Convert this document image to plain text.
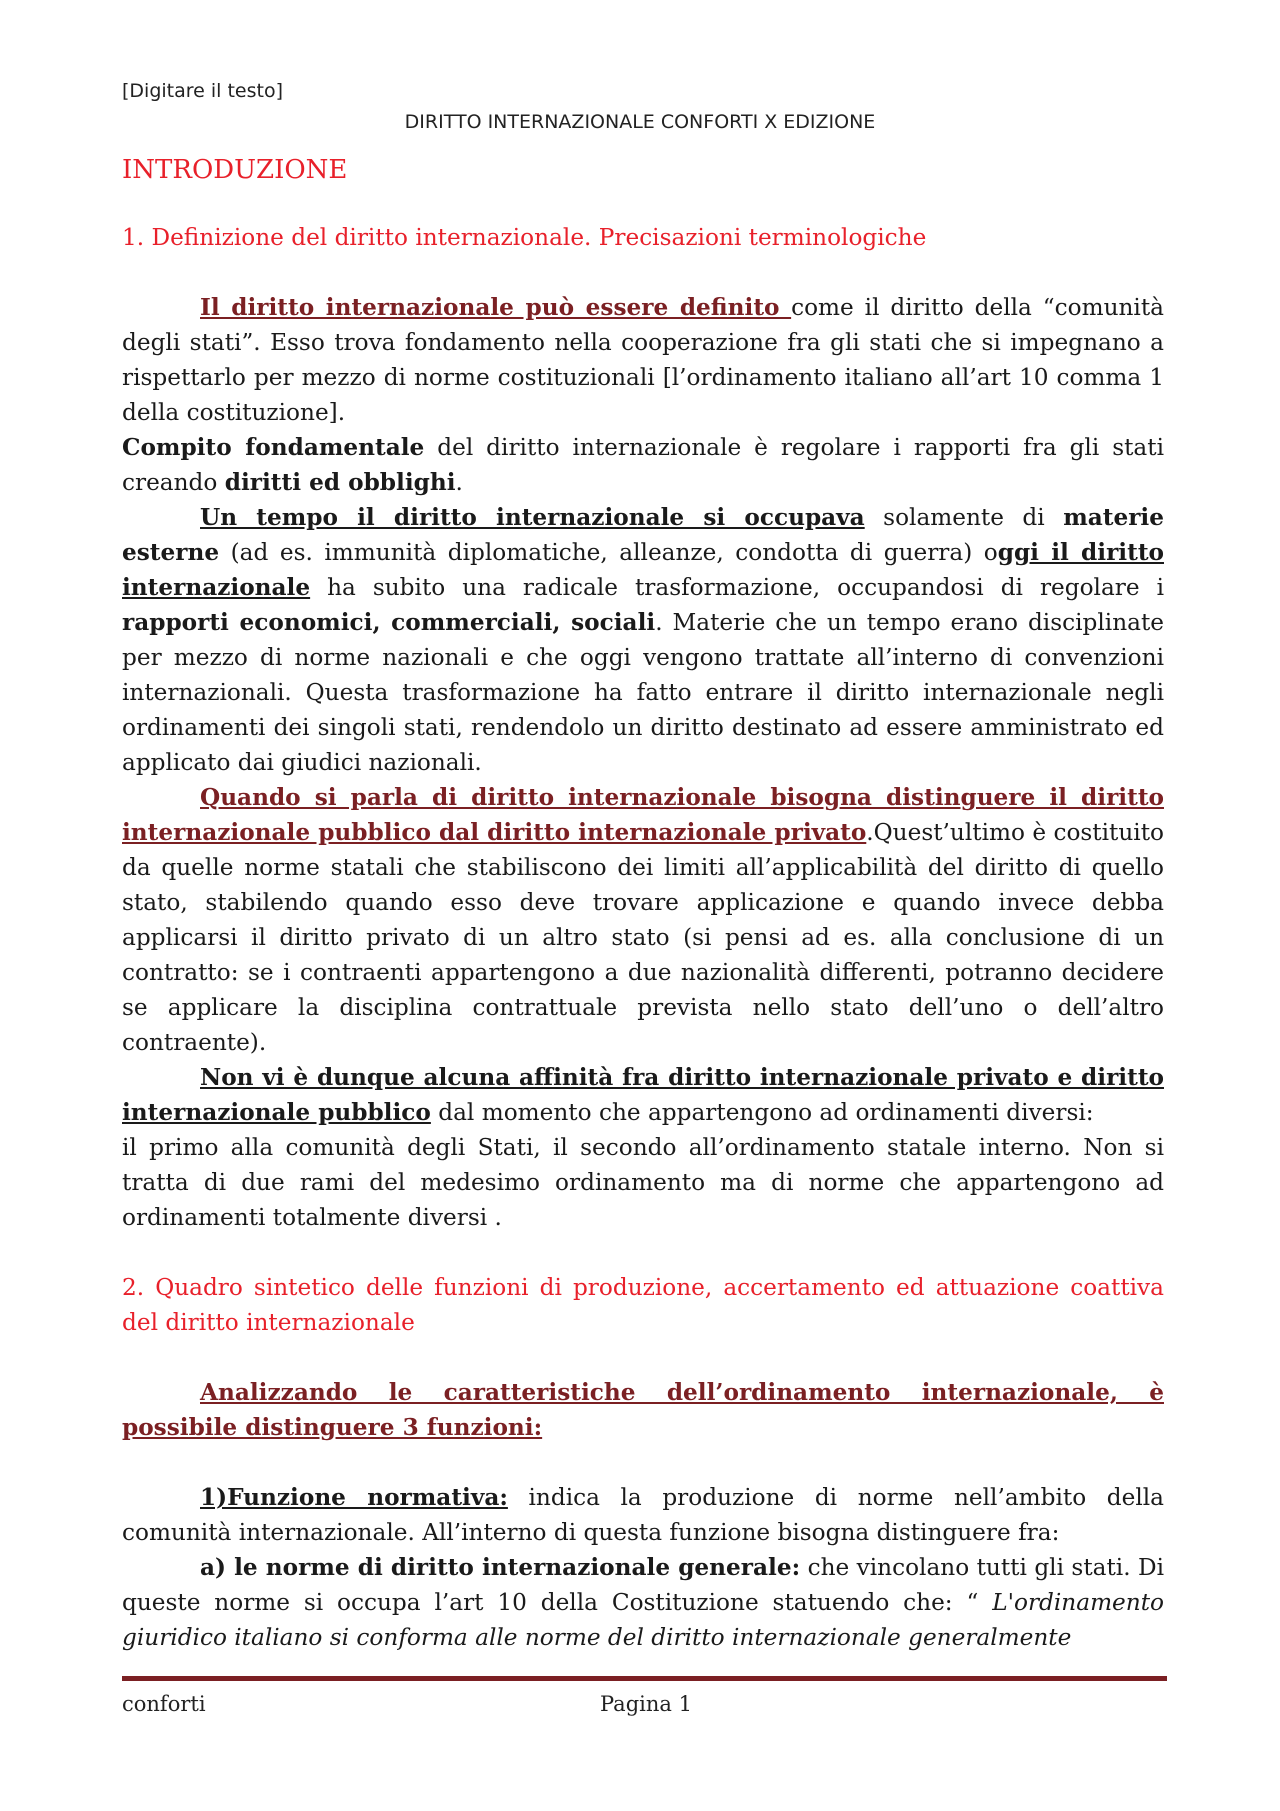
[Digitare il testo]
DIRITTO INTERNAZIONALE CONFORTI X EDIZIONE

INTRODUZIONE

1. Definizione del diritto internazionale. Precisazioni terminologiche

Il diritto internazionale può essere definito come il diritto della “comunità degli stati”. Esso trova fondamento nella cooperazione fra gli stati che si impegnano a rispettarlo per mezzo di norme costituzionali [l’ordinamento italiano all’art 10 comma 1 della costituzione].

Compito fondamentale del diritto internazionale è regolare i rapporti fra gli stati creando diritti ed obblighi.

Un tempo il diritto internazionale si occupava solamente di materie esterne (ad es. immunità diplomatiche, alleanze, condotta di guerra) oggi il diritto internazionale ha subito una radicale trasformazione, occupandosi di regolare i rapporti economici, commerciali, sociali. Materie che un tempo erano disciplinate per mezzo di norme nazionali e che oggi vengono trattate all’interno di convenzioni internazionali. Questa trasformazione ha fatto entrare il diritto internazionale negli ordinamenti dei singoli stati, rendendolo un diritto destinato ad essere amministrato ed applicato dai giudici nazionali.

Quando si parla di diritto internazionale bisogna distinguere il diritto internazionale pubblico dal diritto internazionale privato.Quest’ultimo è costituito da quelle norme statali che stabiliscono dei limiti all’applicabilità del diritto di quello stato, stabilendo quando esso deve trovare applicazione e quando invece debba applicarsi il diritto privato di un altro stato (si pensi ad es. alla conclusione di un contratto: se i contraenti appartengono a due nazionalità differenti, potranno decidere se applicare la disciplina contrattuale prevista nello stato dell’uno o dell’altro contraente).

Non vi è dunque alcuna affinità fra diritto internazionale privato e diritto internazionale pubblico dal momento che appartengono ad ordinamenti diversi:

il primo alla comunità degli Stati, il secondo all’ordinamento statale interno. Non si tratta di due rami del medesimo ordinamento ma di norme che appartengono ad ordinamenti totalmente diversi .

2. Quadro sintetico delle funzioni di produzione, accertamento ed attuazione coattiva del diritto internazionale

Analizzando le caratteristiche dell’ordinamento internazionale, è possibile distinguere 3 funzioni:

1)Funzione normativa: indica la produzione di norme nell’ambito della comunità internazionale. All’interno di questa funzione bisogna distinguere fra:

a) le norme di diritto internazionale generale: che vincolano tutti gli stati. Di queste norme si occupa l’art 10 della Costituzione statuendo che: “ L'ordinamento giuridico italiano si conforma alle norme del diritto internazionale generalmente

conforti	Pagina 1
